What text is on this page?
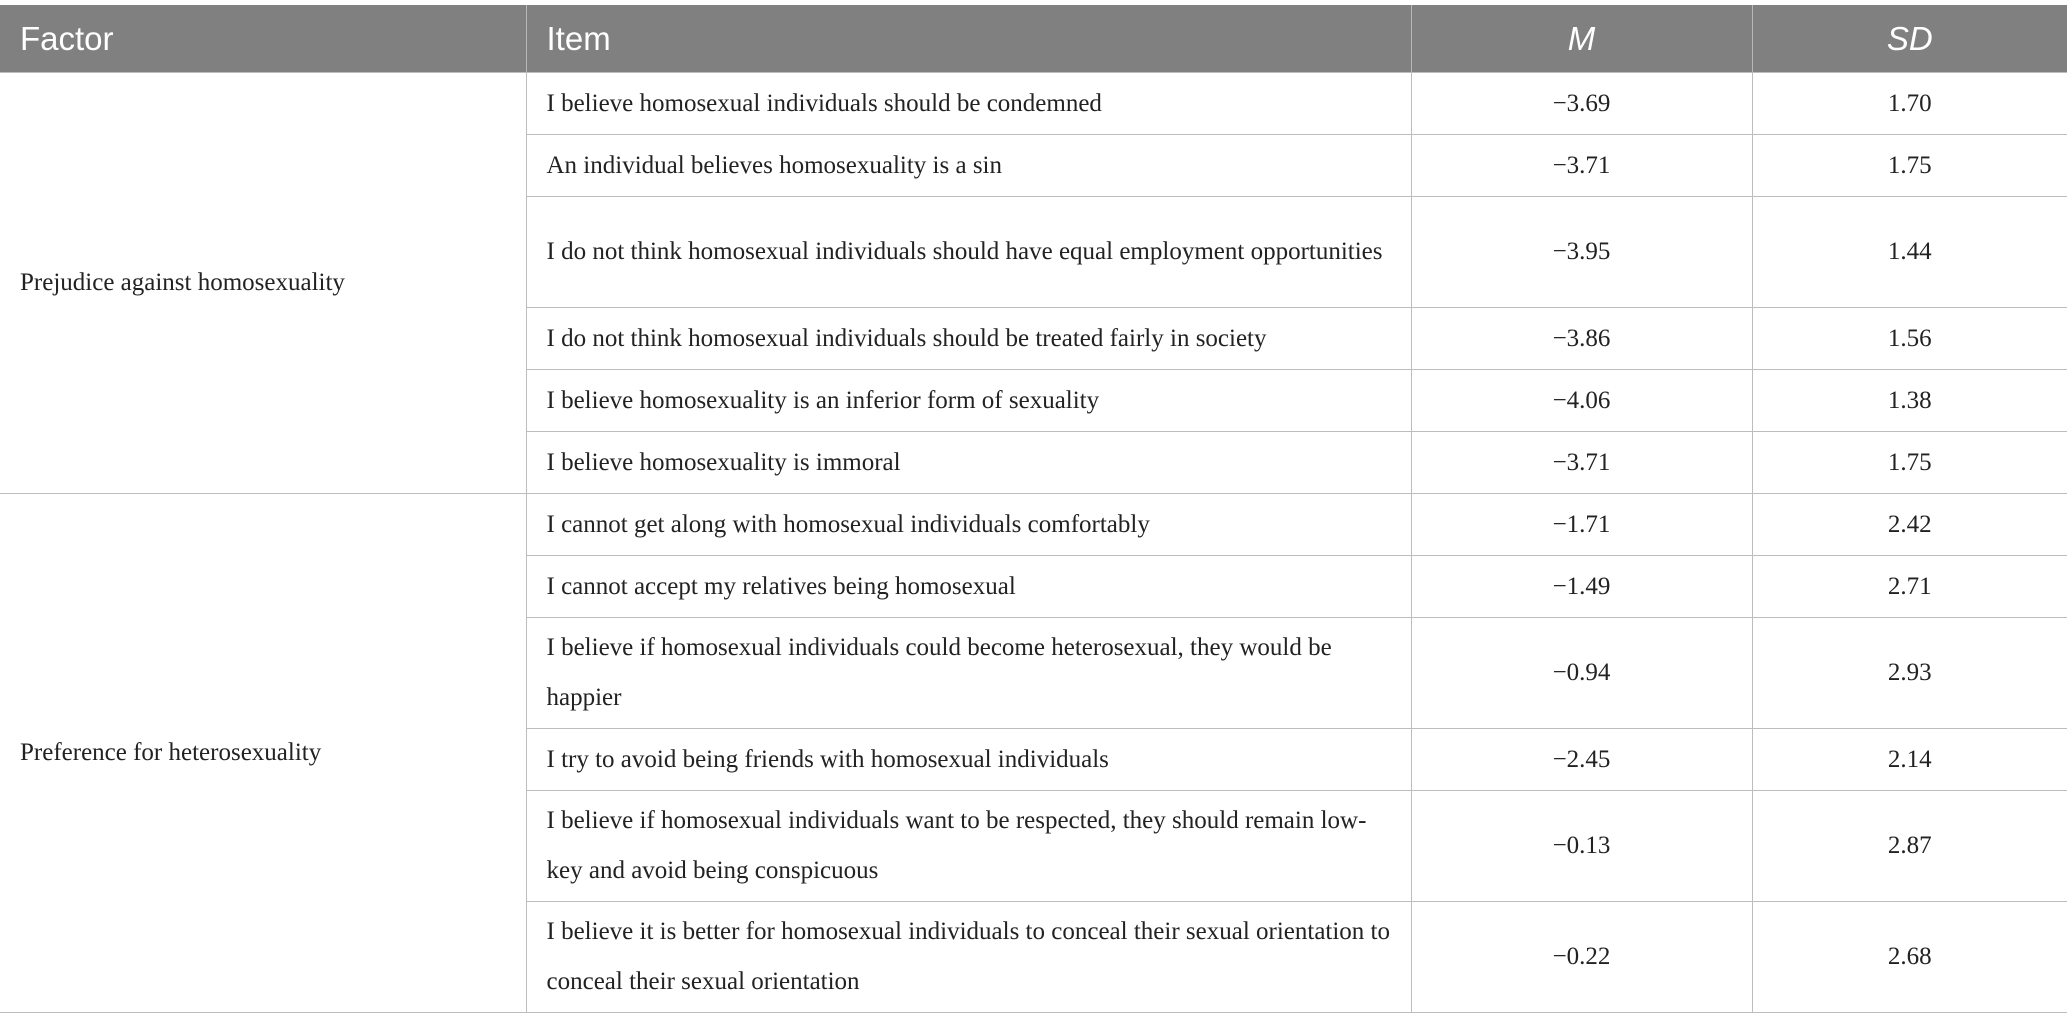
Factor	Item	M	SD
Prejudice against homosexuality	I believe homosexual individuals should be condemned	−3.69	1.70
	An individual believes homosexuality is a sin	−3.71	1.75
	I do not think homosexual individuals should have equal employment opportunities	−3.95	1.44
	I do not think homosexual individuals should be treated fairly in society	−3.86	1.56
	I believe homosexuality is an inferior form of sexuality	−4.06	1.38
	I believe homosexuality is immoral	−3.71	1.75
Preference for heterosexuality	I cannot get along with homosexual individuals comfortably	−1.71	2.42
	I cannot accept my relatives being homosexual	−1.49	2.71
	I believe if homosexual individuals could become heterosexual, they would be happier	−0.94	2.93
	I try to avoid being friends with homosexual individuals	−2.45	2.14
	I believe if homosexual individuals want to be respected, they should remain low-key and avoid being conspicuous	−0.13	2.87
	I believe it is better for homosexual individuals to conceal their sexual orientation to conceal their sexual orientation	−0.22	2.68
